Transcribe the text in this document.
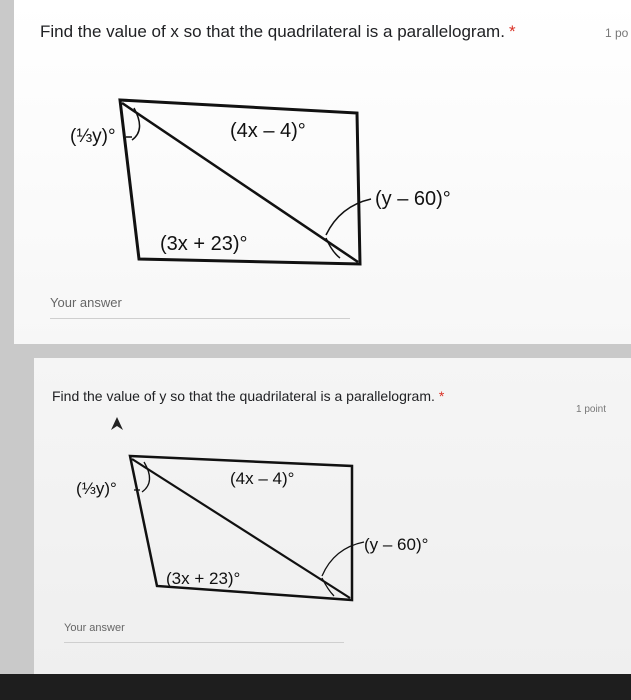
Find the value of x so that the quadrilateral is a parallelogram. *	1 po
(⅓y)°	(4x – 4)°
(y – 60)°
(3x + 23)°
Your answer
Find the value of y so that the quadrilateral is a parallelogram. *
1 point
(⅓y)°
(4x – 4)°
(y – 60)°
(3x + 23)°
Your answer
